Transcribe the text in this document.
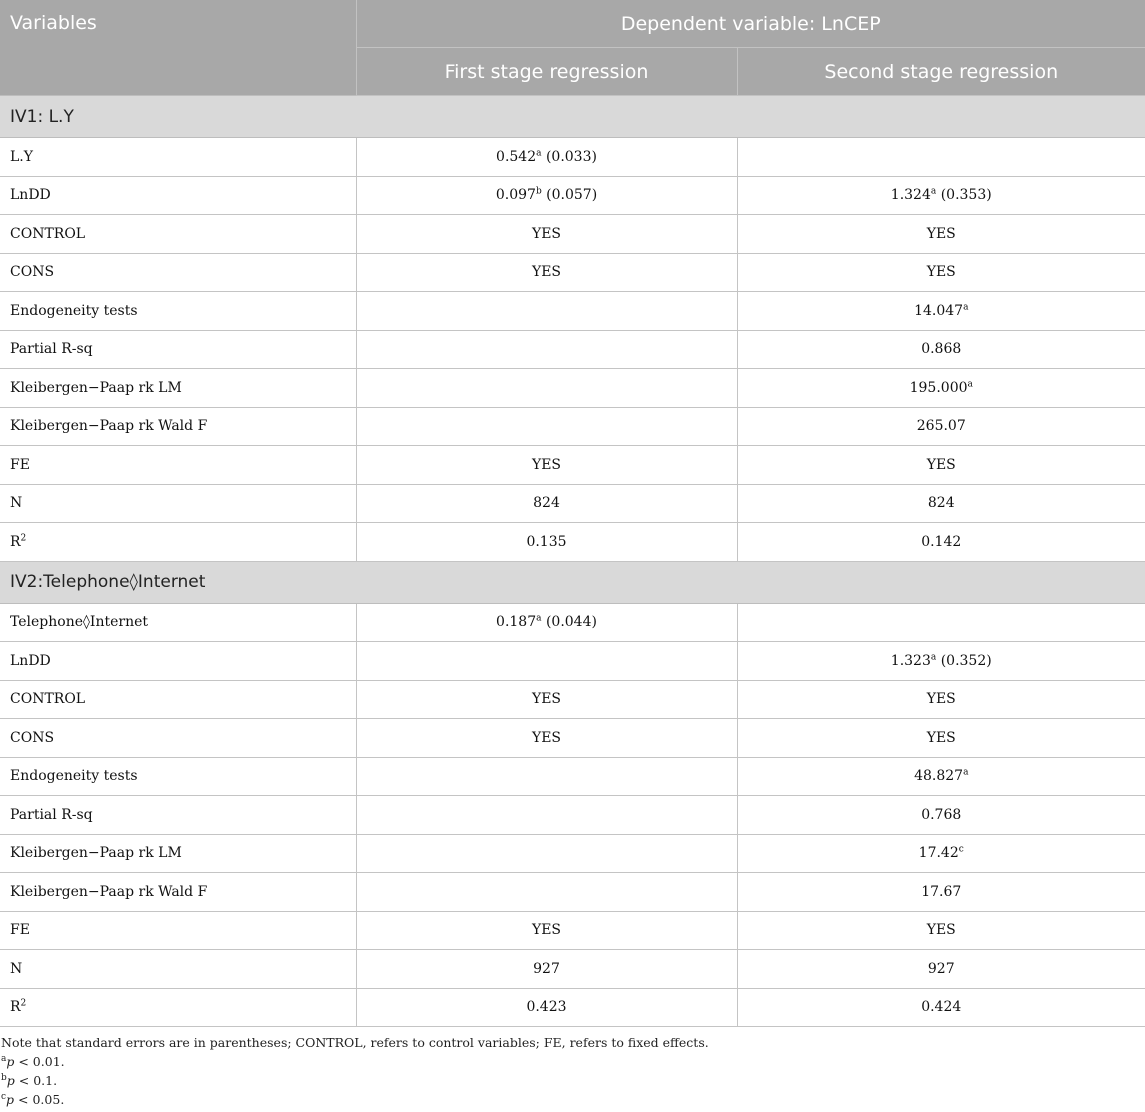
Variables	Dependent variable: LnCEP	
	First stage regression	Second stage regression
IV1: L.Y		
L.Y	0.542$^a$ (0.033)	
LnDD	0.097$^b$ (0.057)	1.324$^a$ (0.353)
CONTROL	YES	YES
CONS	YES	YES
Endogeneity tests		14.047$^a$
Partial R-sq		0.868
Kleibergen−Paap rk LM		195.000$^a$
Kleibergen−Paap rk Wald F		265.07
FE	YES	YES
N	824	824
$R^2$	0.135	0.142
IV2:Telephone◊Internet		
Telephone◊Internet	0.187$^a$ (0.044)	
LnDD		1.323$^a$ (0.352)
CONTROL	YES	YES
CONS	YES	YES
Endogeneity tests		48.827$^a$
Partial R-sq		0.768
Kleibergen−Paap rk LM		17.42$^c$
Kleibergen−Paap rk Wald F		17.67
FE	YES	YES
N	927	927
$R^2$	0.423	0.424
Note that standard errors are in parentheses; CONTROL, refers to control variables; FE, refers to fixed effects.
$^a$p < 0.01.
$^b$p < 0.1.
$^c$p < 0.05.
